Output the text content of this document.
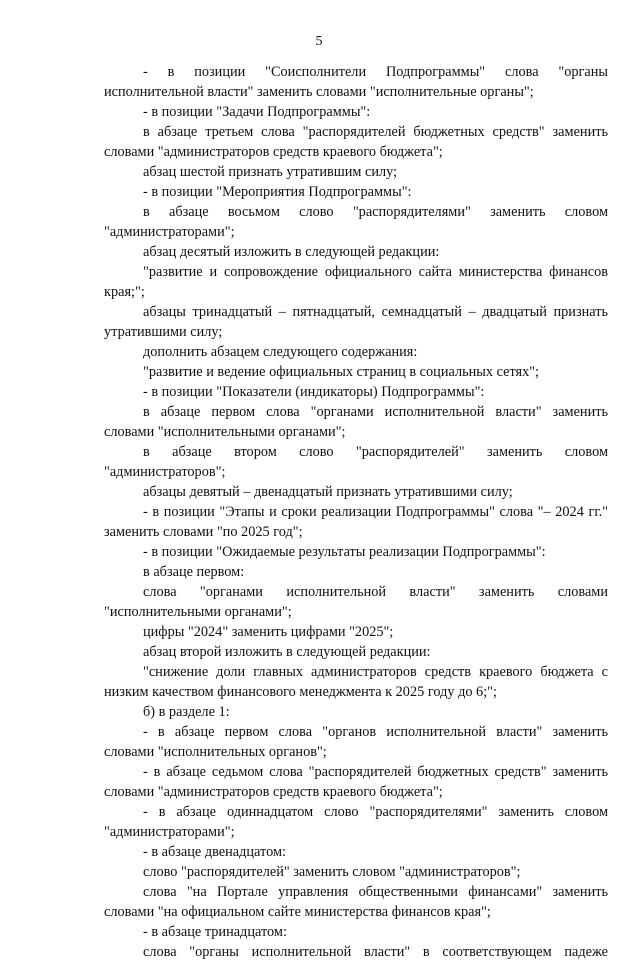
5

- в позиции "Соисполнители Подпрограммы" слова "органы исполнительной власти" заменить словами "исполнительные органы";

- в позиции "Задачи Подпрограммы":

в абзаце третьем слова "распорядителей бюджетных средств" заменить словами "администраторов средств краевого бюджета";

абзац шестой признать утратившим силу;

- в позиции "Мероприятия Подпрограммы":

в абзаце восьмом слово "распорядителями" заменить словом "администраторами";

абзац десятый изложить в следующей редакции:

"развитие и сопровождение официального сайта министерства финансов края;";

абзацы тринадцатый – пятнадцатый, семнадцатый – двадцатый признать утратившими силу;

дополнить абзацем следующего содержания:

"развитие и ведение официальных страниц в социальных сетях";

- в позиции "Показатели (индикаторы) Подпрограммы":

в абзаце первом слова "органами исполнительной власти" заменить словами "исполнительными органами";

в абзаце втором слово "распорядителей" заменить словом "администраторов";

абзацы девятый – двенадцатый признать утратившими силу;

- в позиции "Этапы и сроки реализации Подпрограммы" слова "– 2024 гг." заменить словами "по 2025 год";

- в позиции "Ожидаемые результаты реализации Подпрограммы":

в абзаце первом:

слова "органами исполнительной власти" заменить словами "исполнительными органами";

цифры "2024" заменить цифрами "2025";

абзац второй изложить в следующей редакции:

"снижение доли главных администраторов средств краевого бюджета с низким качеством финансового менеджмента к 2025 году до 6;";

б) в разделе 1:

- в абзаце первом слова "органов исполнительной власти" заменить словами "исполнительных органов";

- в абзаце седьмом слова "распорядителей бюджетных средств" заменить словами "администраторов средств краевого бюджета";

- в абзаце одиннадцатом слово "распорядителями" заменить словом "администраторами";

- в абзаце двенадцатом:

слово "распорядителей" заменить словом "администраторов";

слова "на Портале управления общественными финансами" заменить словами "на официальном сайте министерства финансов края";

- в абзаце тринадцатом:

слова "органы исполнительной власти" в соответствующем падеже
